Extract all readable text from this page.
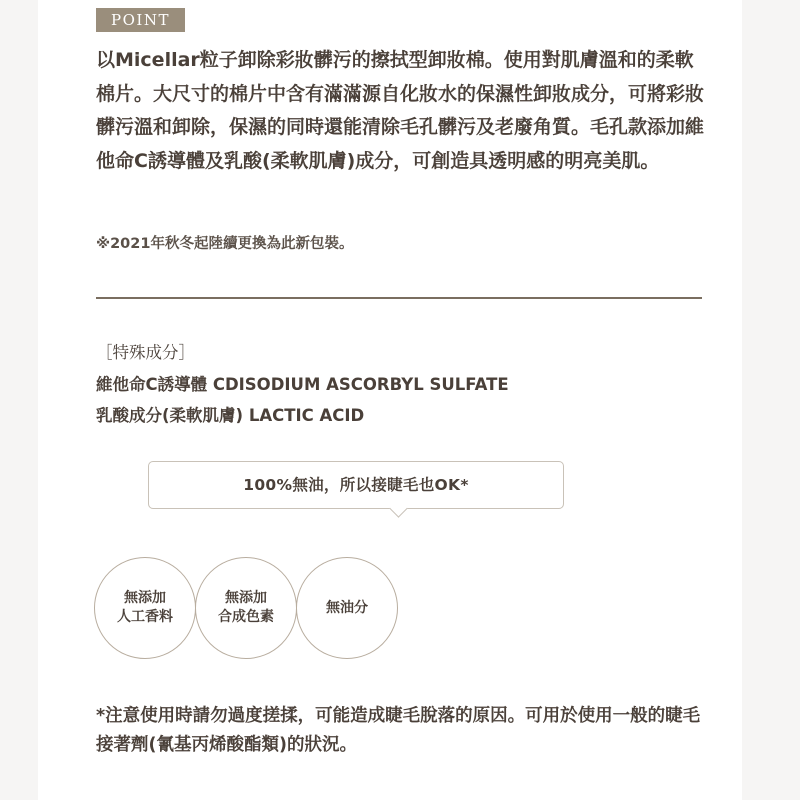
POINT

以Micellar粒子卸除彩妝髒污的擦拭型卸妝棉。使用對肌膚溫和的柔軟棉片。大尺寸的棉片中含有滿滿源自化妝水的保濕性卸妝成分，可將彩妝髒污溫和卸除，保濕的同時還能清除毛孔髒污及老廢角質。毛孔款添加維他命C誘導體及乳酸(柔軟肌膚)成分，可創造具透明感的明亮美肌。

※2021年秋冬起陸續更換為此新包裝。

［特殊成分］

維他命C誘導體 CDISODIUM ASCORBYL SULFATE

乳酸成分(柔軟肌膚) LACTIC ACID

100%無油，所以接睫毛也OK*
無添加
人工香料
無添加
合成色素
無油分

*注意使用時請勿過度搓揉，可能造成睫毛脫落的原因。可用於使用一般的睫毛接著劑(氰基丙烯酸酯類)的狀況。
